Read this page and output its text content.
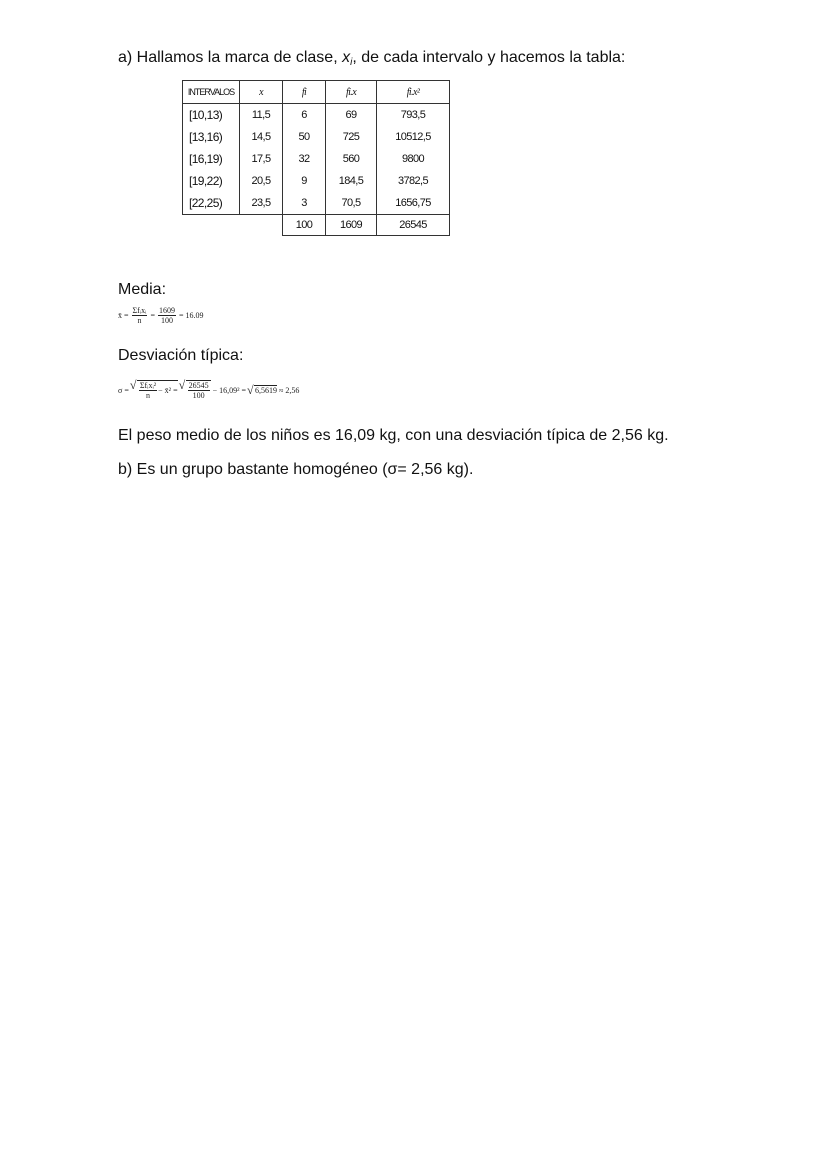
a) Hallamos la marca de clase, $x_i$, de cada intervalo y hacemos la tabla:
INTERVALOS	x	fi	fi.x	fi.x²
[10,13)	11,5	6	69	793,5
[13,16)	14,5	50	725	10512,5
[16,19)	17,5	32	560	9800
[19,22)	20,5	9	184,5	3782,5
[22,25)	23,5	3	70,5	1656,75
		100	1609	26545
Media:
x̄ = $\frac{\text{Σfᵢxᵢ}}{n} = \frac{1609}{100} = 16.09$
Desviación típica:
σ = √ $\frac{\text{Σfᵢxᵢ²}}{n}$ − x̄² = √ $\frac{26545}{100} - 16,09^2$ = √ 6,5619 ≈ 2,56
El peso medio de los niños es 16,09 kg, con una desviación típica de 2,56 kg.
b) Es un grupo bastante homogéneo (σ= 2,56 kg).
